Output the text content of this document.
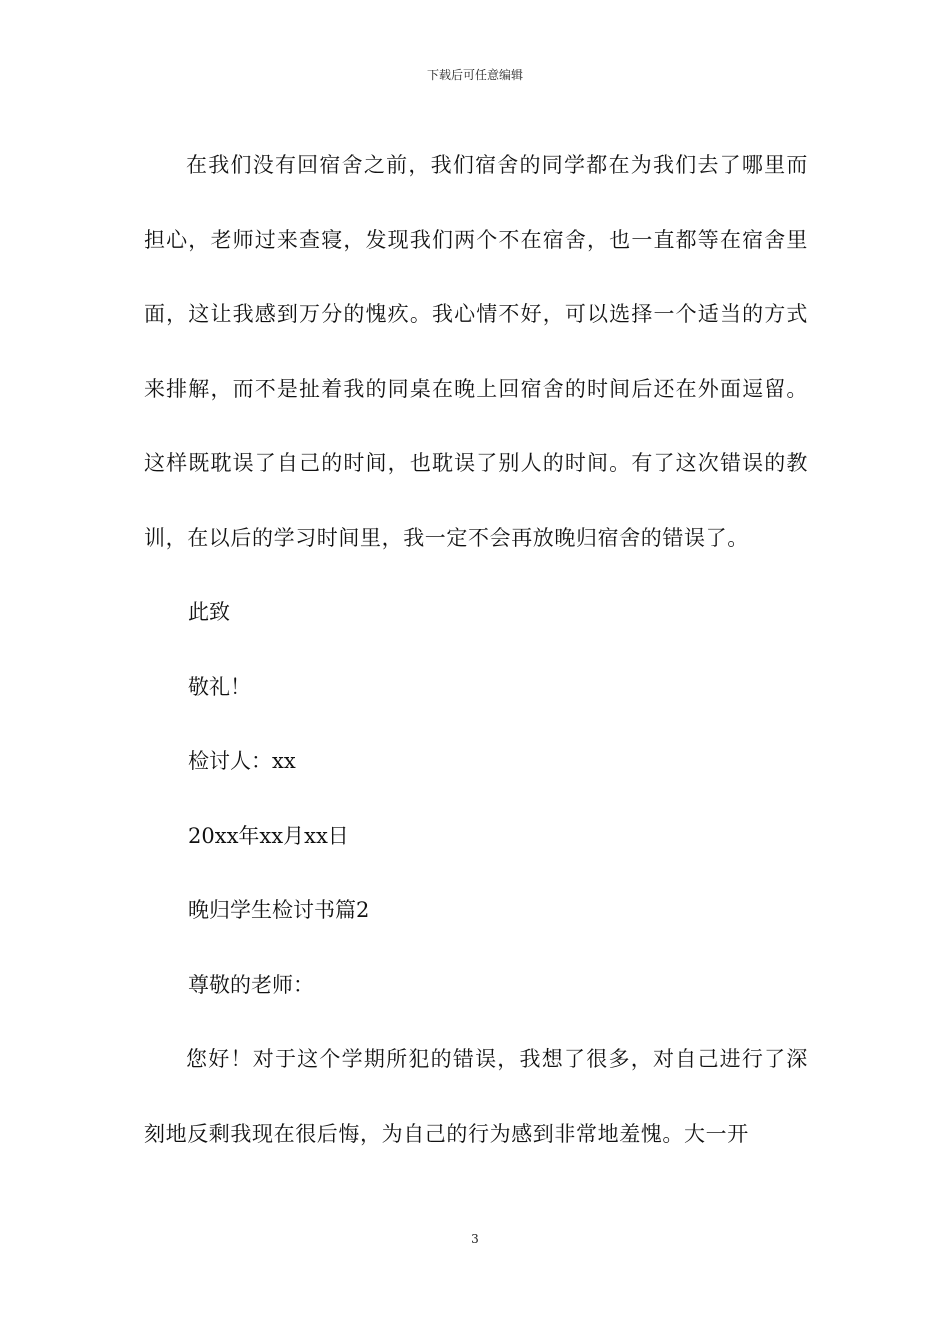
下载后可任意编辑

在我们没有回宿舍之前，我们宿舍的同学都在为我们去了哪里而担心，老师过来查寝，发现我们两个不在宿舍，也一直都等在宿舍里面，这让我感到万分的愧疚。我心情不好，可以选择一个适当的方式来排解，而不是扯着我的同桌在晚上回宿舍的时间后还在外面逗留。这样既耽误了自己的时间，也耽误了别人的时间。有了这次错误的教训，在以后的学习时间里，我一定不会再放晚归宿舍的错误了。

此致

敬礼！

检讨人：xx

20xx年xx月xx日

晚归学生检讨书篇2

尊敬的老师：

您好！对于这个学期所犯的错误，我想了很多，对自己进行了深刻地反剩我现在很后悔，为自己的行为感到非常地羞愧。大一开

3
